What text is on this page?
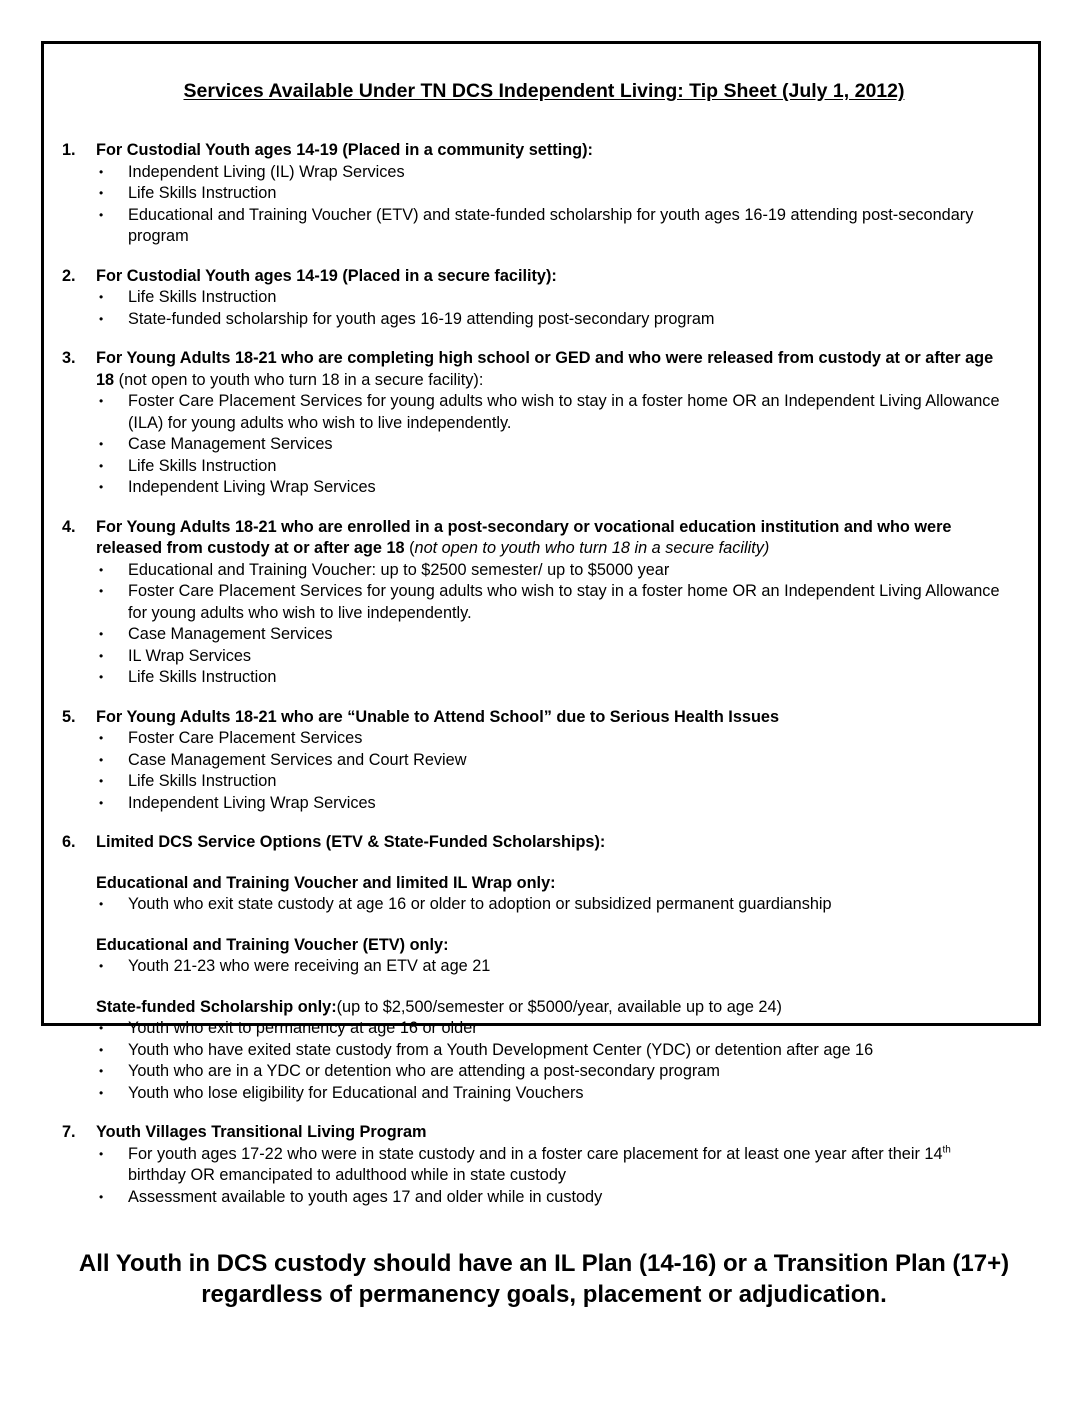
Services Available Under TN DCS Independent Living: Tip Sheet (July 1, 2012)
1.	For Custodial Youth ages 14-19 (Placed in a community setting):
•	Independent Living (IL) Wrap Services
•	Life Skills Instruction
•	Educational and Training Voucher (ETV) and state-funded scholarship for youth ages 16-19 attending post-secondary program
2.	For Custodial Youth ages 14-19 (Placed in a secure facility):
•	Life Skills Instruction
•	State-funded scholarship for youth ages 16-19 attending post-secondary program
3.	For Young Adults 18-21 who are completing high school or GED and who were released from custody at or after age 18 (not open to youth who turn 18 in a secure facility):
•	Foster Care Placement Services for young adults who wish to stay in a foster home OR an Independent Living Allowance (ILA) for young adults who wish to live independently.
•	Case Management Services
•	Life Skills Instruction
•	Independent Living Wrap Services
4.	For Young Adults 18-21 who are enrolled in a post-secondary or vocational education institution and who were released from custody at or after age 18 (not open to youth who turn 18 in a secure facility)
•	Educational and Training Voucher: up to $2500 semester/ up to $5000 year
•	Foster Care Placement Services for young adults who wish to stay in a foster home OR an Independent Living Allowance for young adults who wish to live independently.
•	Case Management Services
•	IL Wrap Services
•	Life Skills Instruction
5.	For Young Adults 18-21 who are “Unable to Attend School” due to Serious Health Issues
•	Foster Care Placement Services
•	Case Management Services and Court Review
•	Life Skills Instruction
•	Independent Living Wrap Services
6.	Limited DCS Service Options (ETV & State-Funded Scholarships):
Educational and Training Voucher and limited IL Wrap only:
•	Youth who exit state custody at age 16 or older to adoption or subsidized permanent guardianship
Educational and Training Voucher (ETV) only:
•	Youth 21-23 who were receiving an ETV at age 21
State-funded Scholarship only:(up to $2,500/semester or $5000/year, available up to age 24)
•	Youth who exit to permanency at age 16 or older
•	Youth who have exited state custody from a Youth Development Center (YDC) or detention after age 16
•	Youth who are in a YDC or detention who are attending a post-secondary program
•	Youth who lose eligibility for Educational and Training Vouchers
7.	Youth Villages Transitional Living Program
•	For youth ages 17-22 who were in state custody and in a foster care placement for at least one year after their 14th birthday OR emancipated to adulthood while in state custody
•	Assessment available to youth ages 17 and older while in custody
All Youth in DCS custody should have an IL Plan (14-16) or a Transition Plan (17+) regardless of permanency goals, placement or adjudication.
